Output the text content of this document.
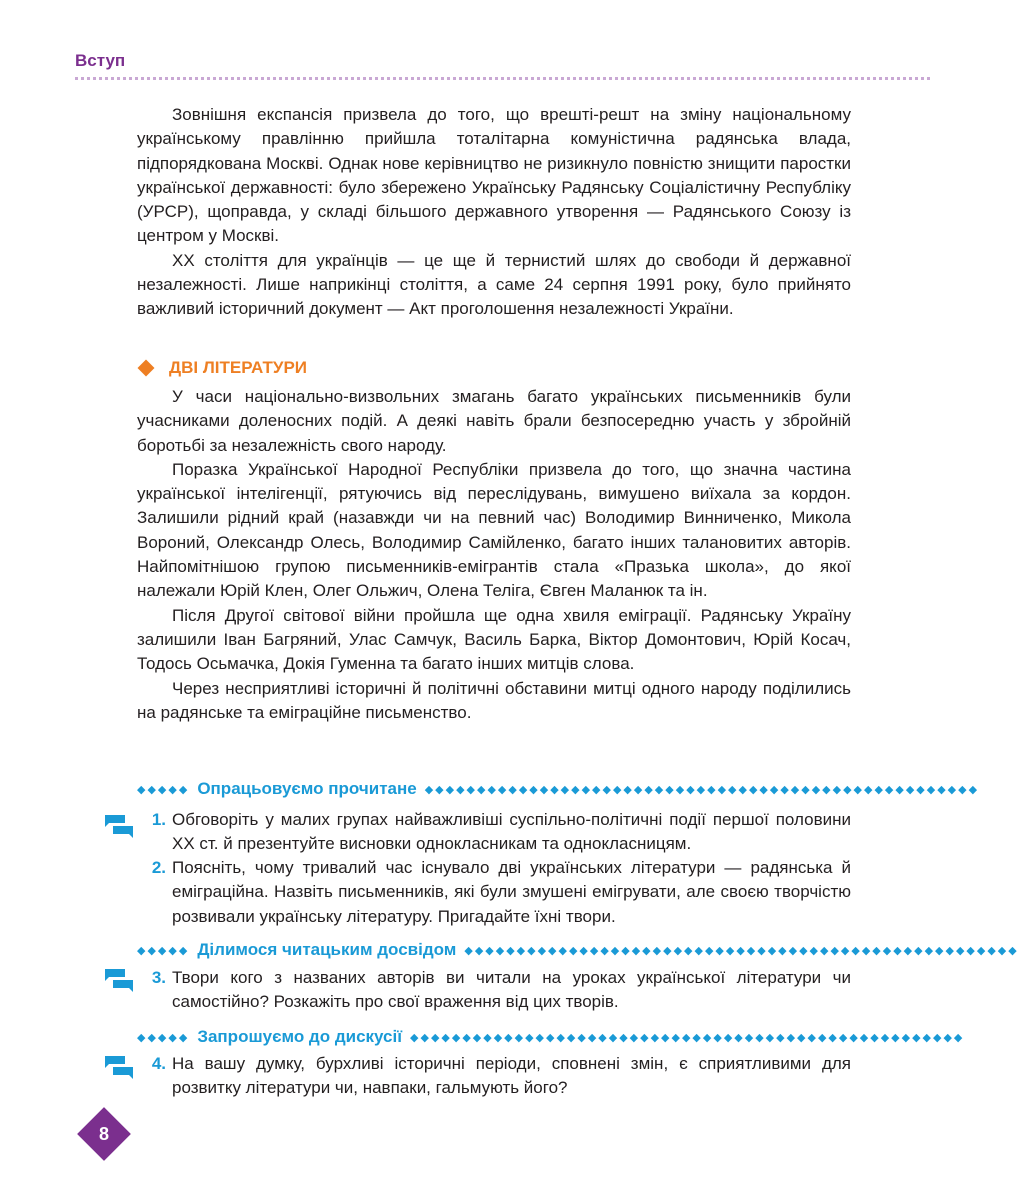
Вступ

Зовнішня експансія призвела до того, що врешті-решт на зміну національному українському правлінню прийшла тоталітарна комуністична радянська влада, підпорядкована Москві. Однак нове керівництво не ризикнуло повністю знищити паростки української державності: було збережено Українську Радянську Соціалістичну Республіку (УРСР), щоправда, у складі більшого державного утворення — Радянського Союзу із центром у Москві.

XX століття для українців — це ще й тернистий шлях до свободи й державної незалежності. Лише наприкінці століття, а саме 24 серпня 1991 року, було прийнято важливий історичний документ — Акт проголошення незалежності України.

ДВІ ЛІТЕРАТУРИ

У часи національно-визвольних змагань багато українських письменників були учасниками доленосних подій. А деякі навіть брали безпосередню участь у збройній боротьбі за незалежність свого народу.

Поразка Української Народної Республіки призвела до того, що значна частина української інтелігенції, рятуючись від переслідувань, вимушено виїхала за кордон. Залишили рідний край (назавжди чи на певний час) Володимир Винниченко, Микола Вороний, Олександр Олесь, Володимир Самійленко, багато інших талановитих авторів. Найпомітнішою групою письменників-емігрантів стала «Празька школа», до якої належали Юрій Клен, Олег Ольжич, Олена Теліга, Євген Маланюк та ін.

Після Другої світової війни пройшла ще одна хвиля еміграції. Радянську Україну залишили Іван Багряний, Улас Самчук, Василь Барка, Віктор Домонтович, Юрій Косач, Тодось Осьмачка, Докія Гуменна та багато інших митців слова.

Через несприятливі історичні й політичні обставини митці одного народу поділились на радянське та еміграційне письменство.

◆◆◆◆◆ Опрацьовуємо прочитане ◆◆◆◆◆◆◆◆◆◆◆◆◆◆◆◆◆◆◆◆◆◆◆◆◆◆◆◆◆◆◆◆◆◆◆◆◆◆◆◆◆◆◆◆◆◆◆◆◆◆◆◆◆
1. Обговоріть у малих групах найважливіші суспільно-політичні події першої половини XX ст. й презентуйте висновки однокласникам та однокласницям.
2. Поясніть, чому тривалий час існувало дві українських літератури — радянська й еміграційна. Назвіть письменників, які були змушені емігрувати, але своєю творчістю розвивали українську літературу. Пригадайте їхні твори.
◆◆◆◆◆ Ділимося читацьким досвідом ◆◆◆◆◆◆◆◆◆◆◆◆◆◆◆◆◆◆◆◆◆◆◆◆◆◆◆◆◆◆◆◆◆◆◆◆◆◆◆◆◆◆◆◆◆◆◆◆◆◆◆◆◆
3. Твори кого з названих авторів ви читали на уроках української літератури чи самостійно? Розкажіть про свої враження від цих творів.
◆◆◆◆◆ Запрошуємо до дискусії ◆◆◆◆◆◆◆◆◆◆◆◆◆◆◆◆◆◆◆◆◆◆◆◆◆◆◆◆◆◆◆◆◆◆◆◆◆◆◆◆◆◆◆◆◆◆◆◆◆◆◆◆◆
4. На вашу думку, бурхливі історичні періоди, сповнені змін, є сприятливими для розвитку літератури чи, навпаки, гальмують його?
8
